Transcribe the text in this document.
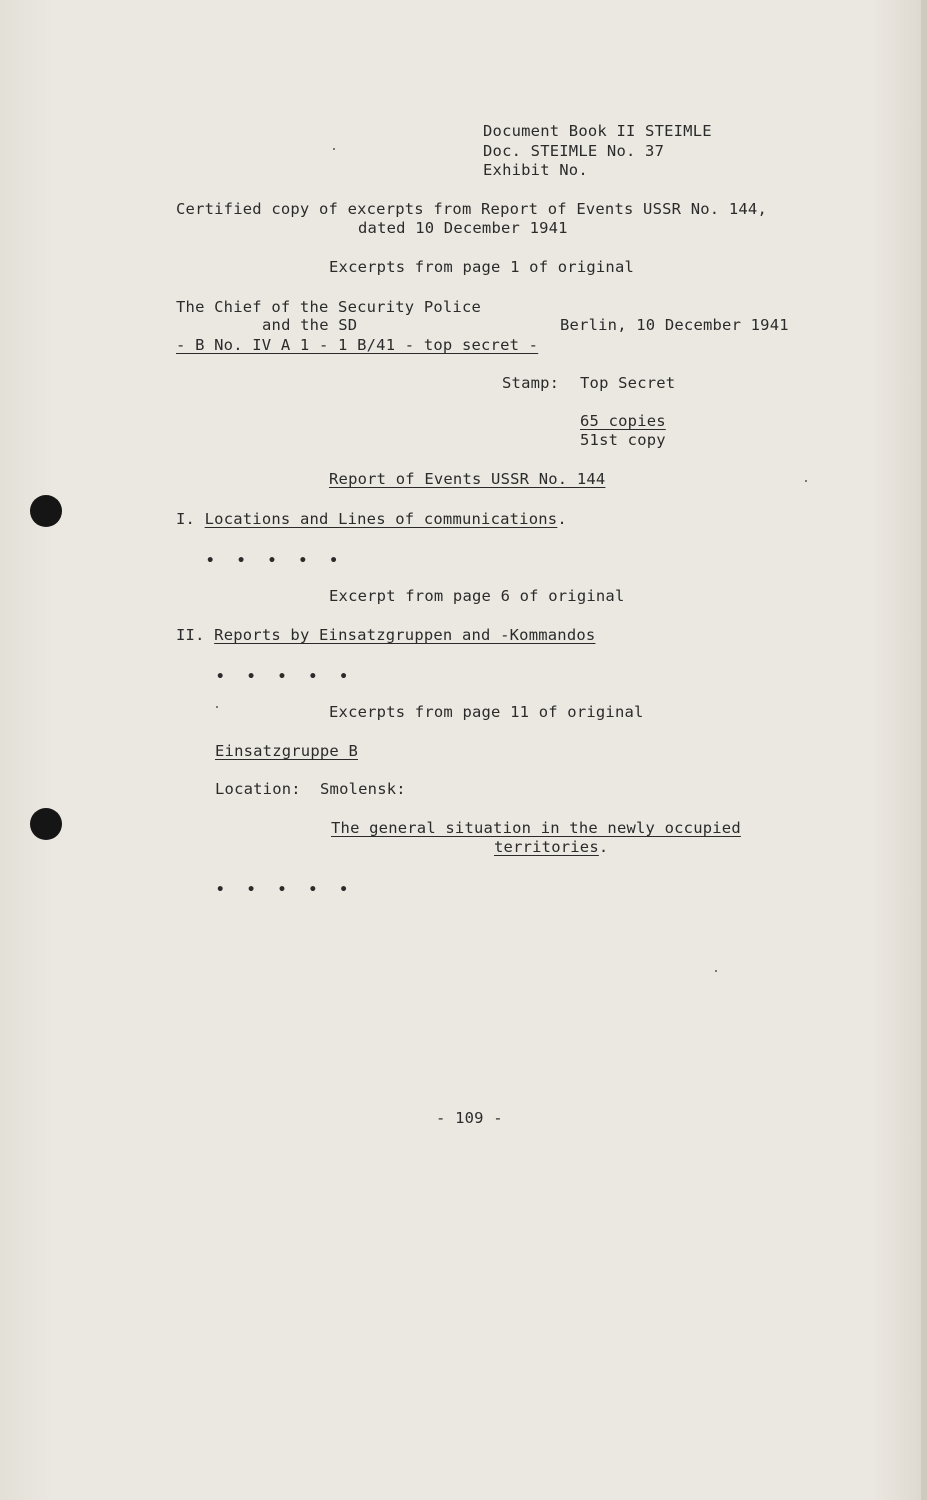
Document Book II STEIMLE
Doc. STEIMLE No. 37
Exhibit No.
Certified copy of excerpts from Report of Events USSR No. 144,
dated 10 December 1941
Excerpts from page 1 of original
The Chief of the Security Police
and the SD	Berlin, 10 December 1941
- B No. IV A 1 - 1 B/41 - top secret -
Stamp: Top Secret
65 copies
51st copy
Report of Events USSR No. 144
I. Locations and Lines of communications.
• • • • •
Excerpt from page 6 of original
II. Reports by Einsatzgruppen and -Kommandos
• • • • •
Excerpts from page 11 of original
Einsatzgruppe B
Location: Smolensk:
The general situation in the newly occupied
territories.
• • • • •
- 109 -
